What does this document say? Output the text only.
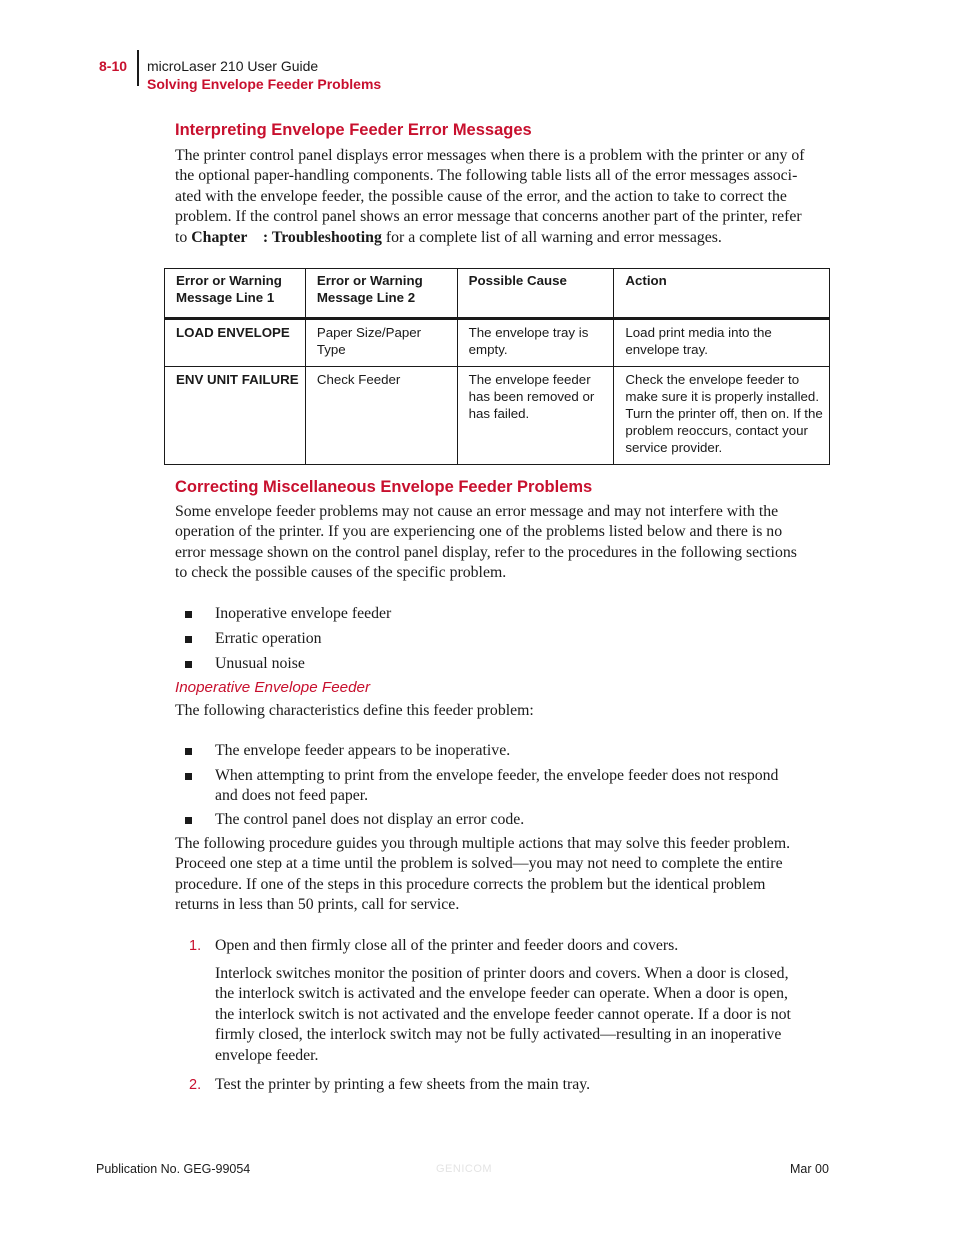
8-10 microLaser 210 User Guide
Solving Envelope Feeder Problems
Interpreting Envelope Feeder Error Messages
The printer control panel displays error messages when there is a problem with the printer or any of
the optional paper-handling components. The following table lists all of the error messages associ-
ated with the envelope feeder, the possible cause of the error, and the action to take to correct the
problem. If the control panel shows an error message that concerns another part of the printer, refer
to Chapter    : Troubleshooting for a complete list of all warning and error messages.
Error or Warning
Message Line 1	Error or Warning
Message Line 2	Possible Cause	Action
LOAD ENVELOPE	Paper Size/Paper Type	The envelope tray is
empty.	Load print media into the
envelope tray.
ENV UNIT FAILURE	Check Feeder	The envelope feeder
has been removed or
has failed.	Check the envelope feeder to
make sure it is properly installed.
Turn the printer off, then on. If the
problem reoccurs, contact your
service provider.
Correcting Miscellaneous Envelope Feeder Problems
Some envelope feeder problems may not cause an error message and may not interfere with the
operation of the printer. If you are experiencing one of the problems listed below and there is no
error message shown on the control panel display, refer to the procedures in the following sections
to check the possible causes of the specific problem.
Inoperative envelope feeder
Erratic operation
Unusual noise
Inoperative Envelope Feeder
The following characteristics define this feeder problem:
The envelope feeder appears to be inoperative.
When attempting to print from the envelope feeder, the envelope feeder does not respond
and does not feed paper.
The control panel does not display an error code.
The following procedure guides you through multiple actions that may solve this feeder problem.
Proceed one step at a time until the problem is solved—you may not need to complete the entire
procedure. If one of the steps in this procedure corrects the problem but the identical problem
returns in less than 50 prints, call for service.
1. Open and then firmly close all of the printer and feeder doors and covers.
Interlock switches monitor the position of printer doors and covers. When a door is closed,
the interlock switch is activated and the envelope feeder can operate. When a door is open,
the interlock switch is not activated and the envelope feeder cannot operate. If a door is not
firmly closed, the interlock switch may not be fully activated—resulting in an inoperative
envelope feeder.
2. Test the printer by printing a few sheets from the main tray.
Publication No. GEG-99054	GENICOM	Mar 00
